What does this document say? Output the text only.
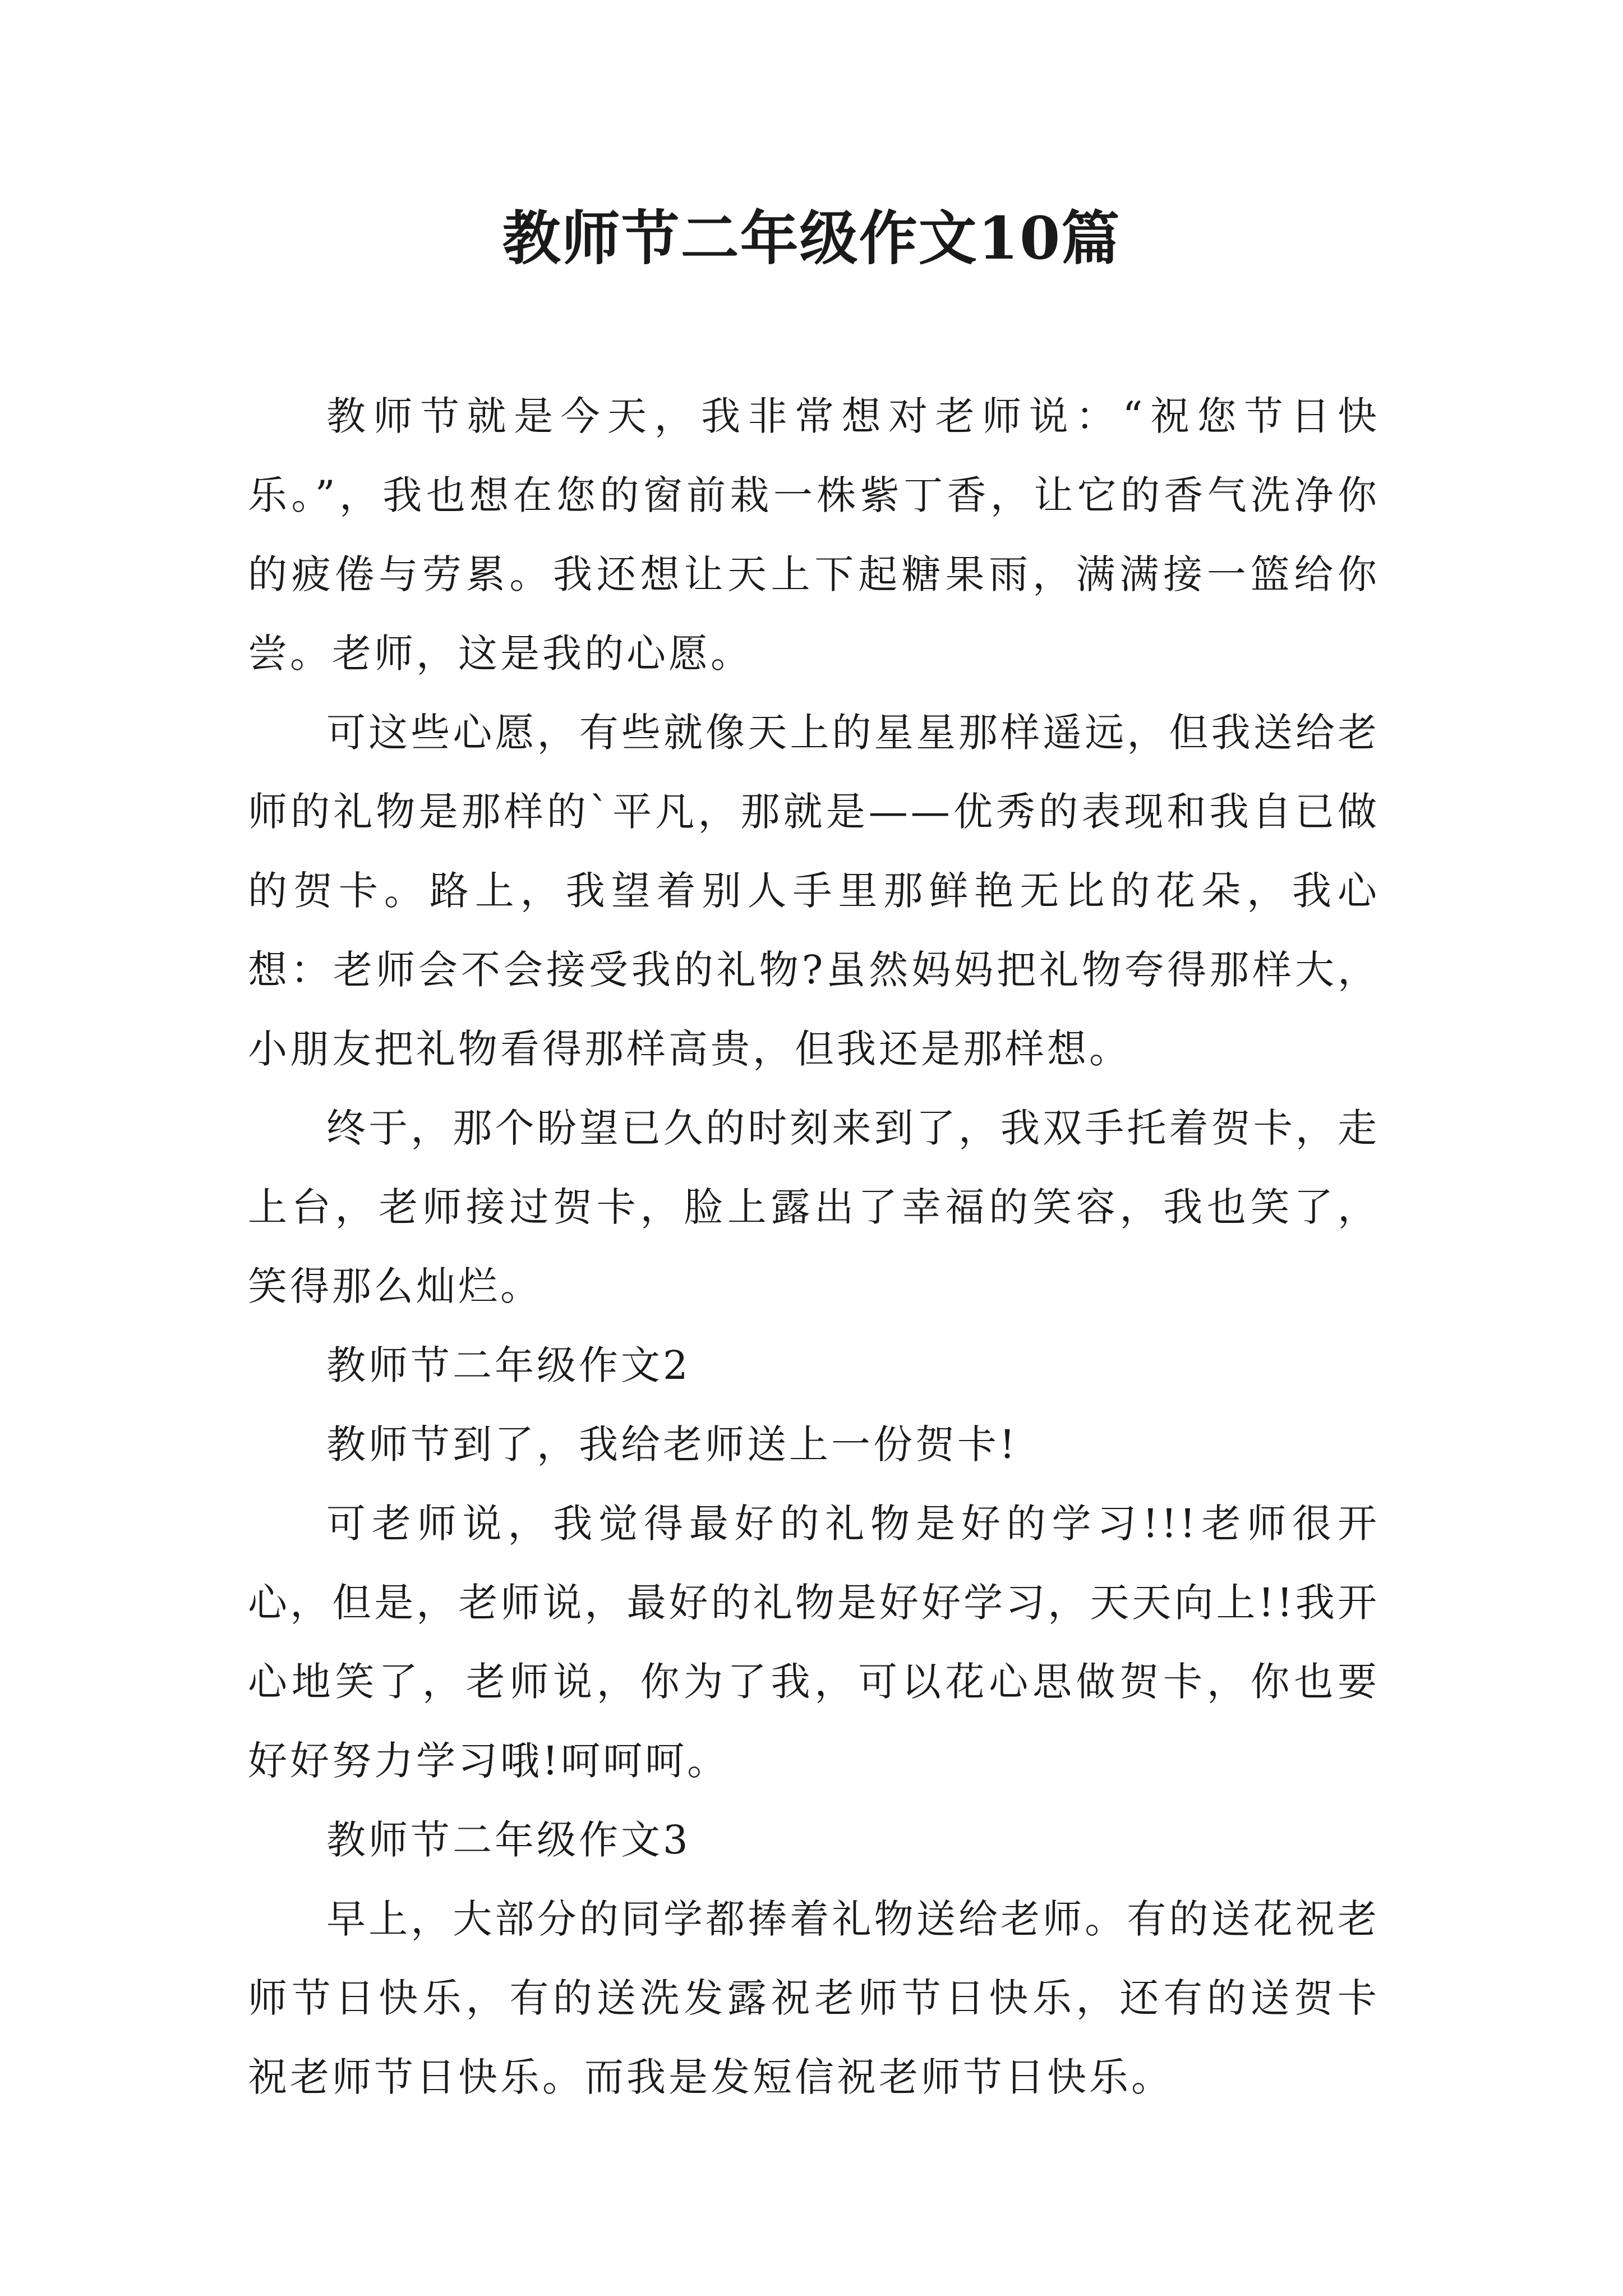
教师节二年级作文10篇

教师节就是今天，我非常想对老师说：“祝您节日快乐。”，我也想在您的窗前栽一株紫丁香，让它的香气洗净你的疲倦与劳累。我还想让天上下起糖果雨，满满接一篮给你尝。老师，这是我的心愿。

可这些心愿，有些就像天上的星星那样遥远，但我送给老师的礼物是那样的`平凡，那就是——优秀的表现和我自已做的贺卡。路上，我望着别人手里那鲜艳无比的花朵，我心想：老师会不会接受我的礼物?虽然妈妈把礼物夸得那样大，小朋友把礼物看得那样高贵，但我还是那样想。

终于，那个盼望已久的时刻来到了，我双手托着贺卡，走上台，老师接过贺卡，脸上露出了幸福的笑容，我也笑了，笑得那么灿烂。

教师节二年级作文2

教师节到了，我给老师送上一份贺卡!

可老师说，我觉得最好的礼物是好的学习!!!老师很开心，但是，老师说，最好的礼物是好好学习，天天向上!!我开心地笑了，老师说，你为了我，可以花心思做贺卡，你也要好好努力学习哦!呵呵呵。

教师节二年级作文3

早上，大部分的同学都捧着礼物送给老师。有的送花祝老师节日快乐，有的送洗发露祝老师节日快乐，还有的送贺卡祝老师节日快乐。而我是发短信祝老师节日快乐。
